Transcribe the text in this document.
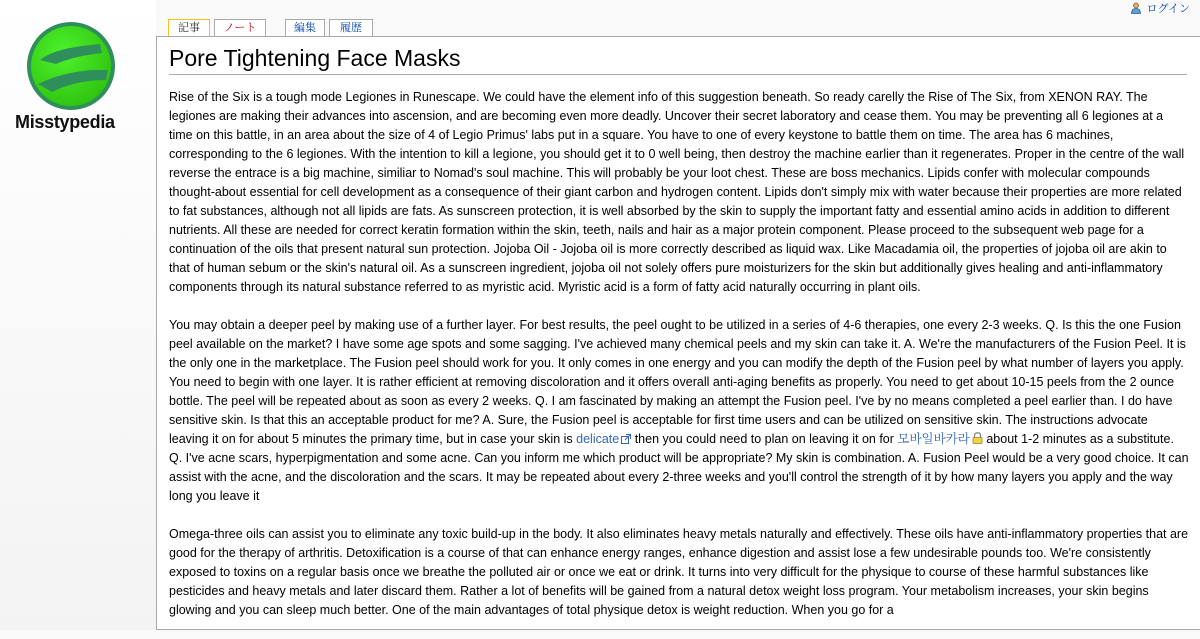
Misstypedia
ログイン
記事	ノート	編集	履歴
Pore Tightening Face Masks

Rise of the Six is a tough mode Legiones in Runescape. We could have the element info of this suggestion beneath. So ready carelly the Rise of The Six, from XENON RAY. The legiones are making their advances into ascension, and are becoming even more deadly. Uncover their secret laboratory and cease them. You may be preventing all 6 legiones at a time on this battle, in an area about the size of 4 of Legio Primus' labs put in a square. You have to one of every keystone to battle them on time. The area has 6 machines, corresponding to the 6 legiones. With the intention to kill a legione, you should get it to 0 well being, then destroy the machine earlier than it regenerates. Proper in the centre of the wall reverse the entrace is a big machine, similiar to Nomad's soul machine. This will probably be your loot chest. These are boss mechanics. Lipids confer with molecular compounds thought-about essential for cell development as a consequence of their giant carbon and hydrogen content. Lipids don't simply mix with water because their properties are more related to fat substances, although not all lipids are fats. As sunscreen protection, it is well absorbed by the skin to supply the important fatty and essential amino acids in addition to different nutrients. All these are needed for correct keratin formation within the skin, teeth, nails and hair as a major protein component. Please proceed to the subsequent web page for a continuation of the oils that present natural sun protection. Jojoba Oil - Jojoba oil is more correctly described as liquid wax. Like Macadamia oil, the properties of jojoba oil are akin to that of human sebum or the skin's natural oil. As a sunscreen ingredient, jojoba oil not solely offers pure moisturizers for the skin but additionally gives healing and anti-inflammatory components through its natural substance referred to as myristic acid. Myristic acid is a form of fatty acid naturally occurring in plant oils.

You may obtain a deeper peel by making use of a further layer. For best results, the peel ought to be utilized in a series of 4-6 therapies, one every 2-3 weeks. Q. Is this the one Fusion peel available on the market? I have some age spots and some sagging. I've achieved many chemical peels and my skin can take it. A. We're the manufacturers of the Fusion Peel. It is the only one in the marketplace. The Fusion peel should work for you. It only comes in one energy and you can modify the depth of the Fusion peel by what number of layers you apply. You need to begin with one layer. It is rather efficient at removing discoloration and it offers overall anti-aging benefits as properly. You need to get about 10-15 peels from the 2 ounce bottle. The peel will be repeated about as soon as every 2 weeks. Q. I am fascinated by making an attempt the Fusion peel. I've by no means completed a peel earlier than. I do have sensitive skin. Is that this an acceptable product for me? A. Sure, the Fusion peel is acceptable for first time users and can be utilized on sensitive skin. The instructions advocate leaving it on for about 5 minutes the primary time, but in case your skin is delicate then you could need to plan on leaving it on for 모바일바카라 about 1-2 minutes as a substitute. Q. I've acne scars, hyperpigmentation and some acne. Can you inform me which product will be appropriate? My skin is combination. A. Fusion Peel would be a very good choice. It can assist with the acne, and the discoloration and the scars. It may be repeated about every 2-three weeks and you'll control the strength of it by how many layers you apply and the way long you leave it

Omega-three oils can assist you to eliminate any toxic build-up in the body. It also eliminates heavy metals naturally and effectively. These oils have anti-inflammatory properties that are good for the therapy of arthritis. Detoxification is a course of that can enhance energy ranges, enhance digestion and assist lose a few undesirable pounds too. We're consistently exposed to toxins on a regular basis once we breathe the polluted air or once we eat or drink. It turns into very difficult for the physique to course of these harmful substances like pesticides and heavy metals and later discard them. Rather a lot of benefits will be gained from a natural detox weight loss program. Your metabolism increases, your skin begins glowing and you can sleep much better. One of the main advantages of total physique detox is weight reduction. When you go for a
